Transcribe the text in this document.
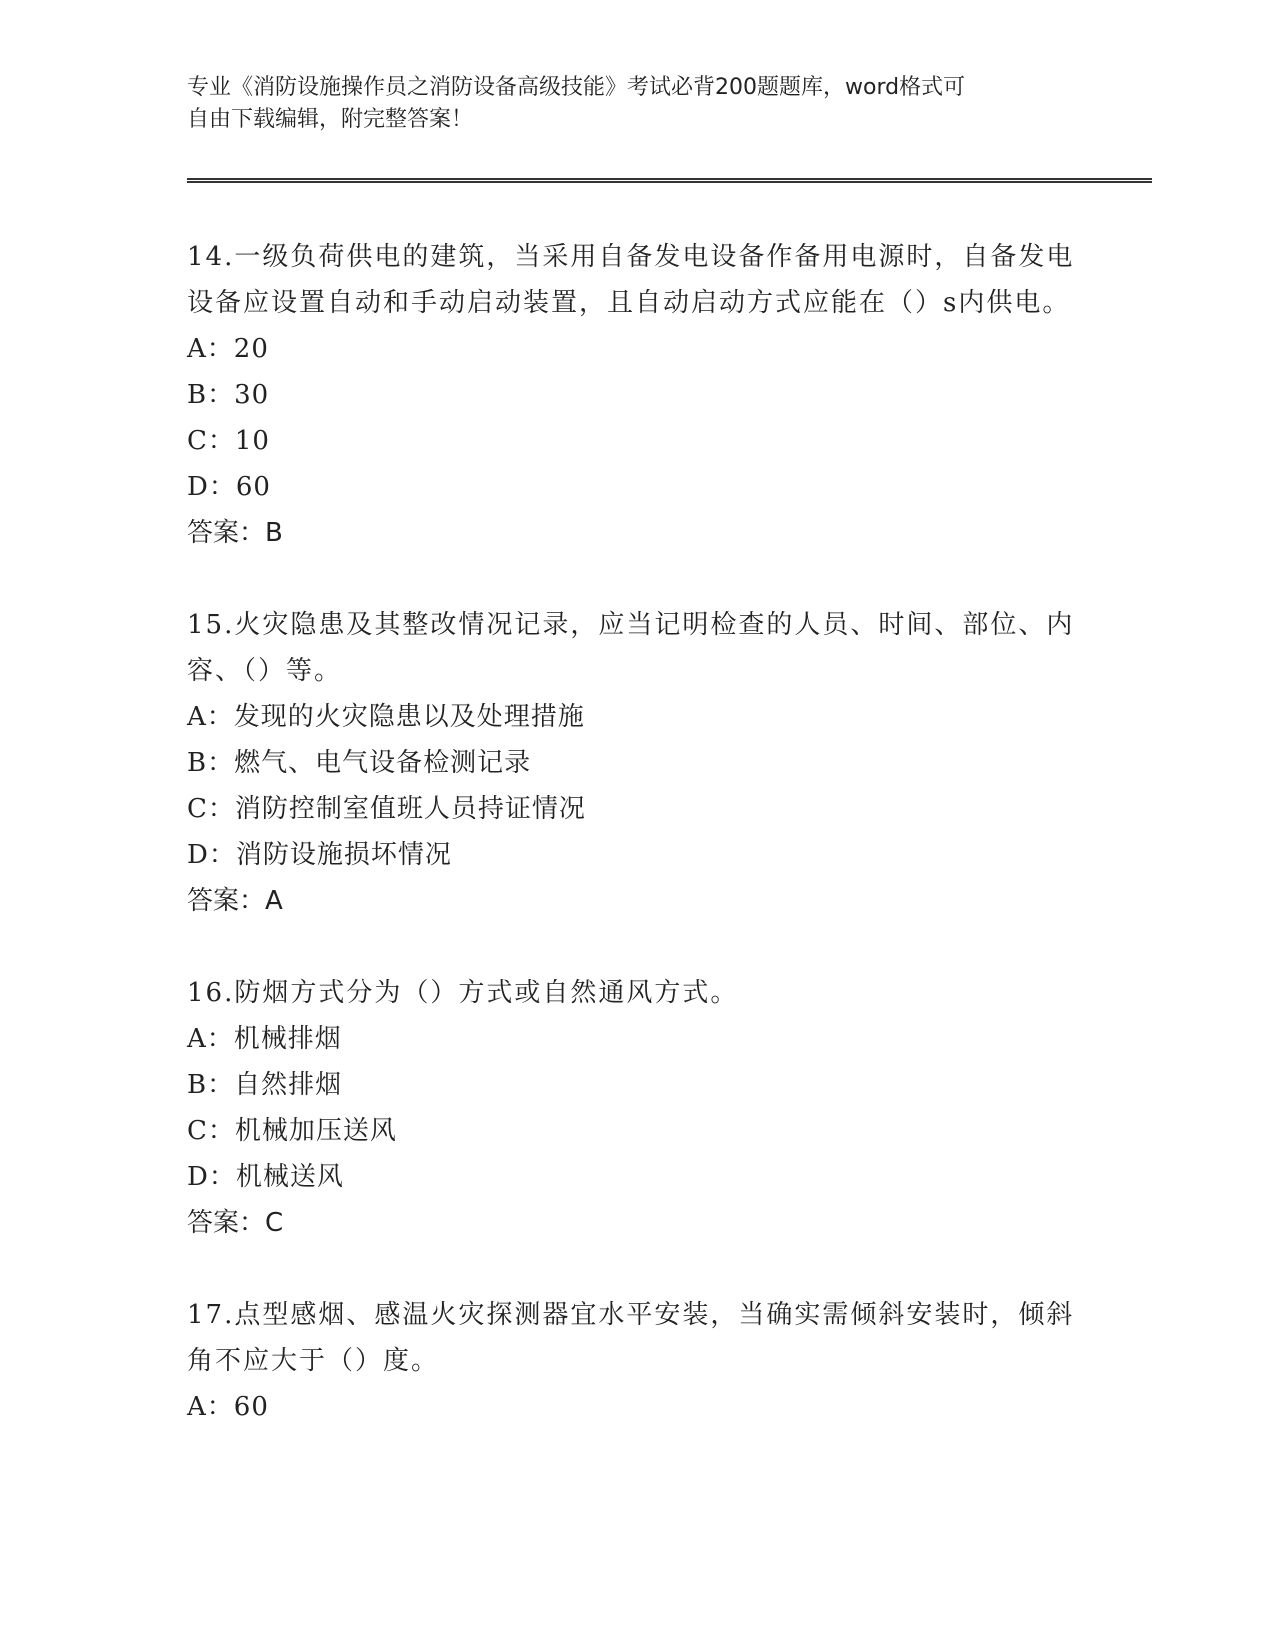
专业《消防设施操作员之消防设备高级技能》考试必背200题题库，word格式可
自由下载编辑，附完整答案！
14.一级负荷供电的建筑，当采用自备发电设备作备用电源时，自备发电设备应设置自动和手动启动装置，且自动启动方式应能在（）s内供电。
A：20
B：30
C：10
D：60
答案：B
15.火灾隐患及其整改情况记录，应当记明检查的人员、时间、部位、内容、（）等。
A：发现的火灾隐患以及处理措施
B：燃气、电气设备检测记录
C：消防控制室值班人员持证情况
D：消防设施损坏情况
答案：A
16.防烟方式分为（）方式或自然通风方式。
A：机械排烟
B：自然排烟
C：机械加压送风
D：机械送风
答案：C
17.点型感烟、感温火灾探测器宜水平安装，当确实需倾斜安装时，倾斜角不应大于（）度。
A：60
